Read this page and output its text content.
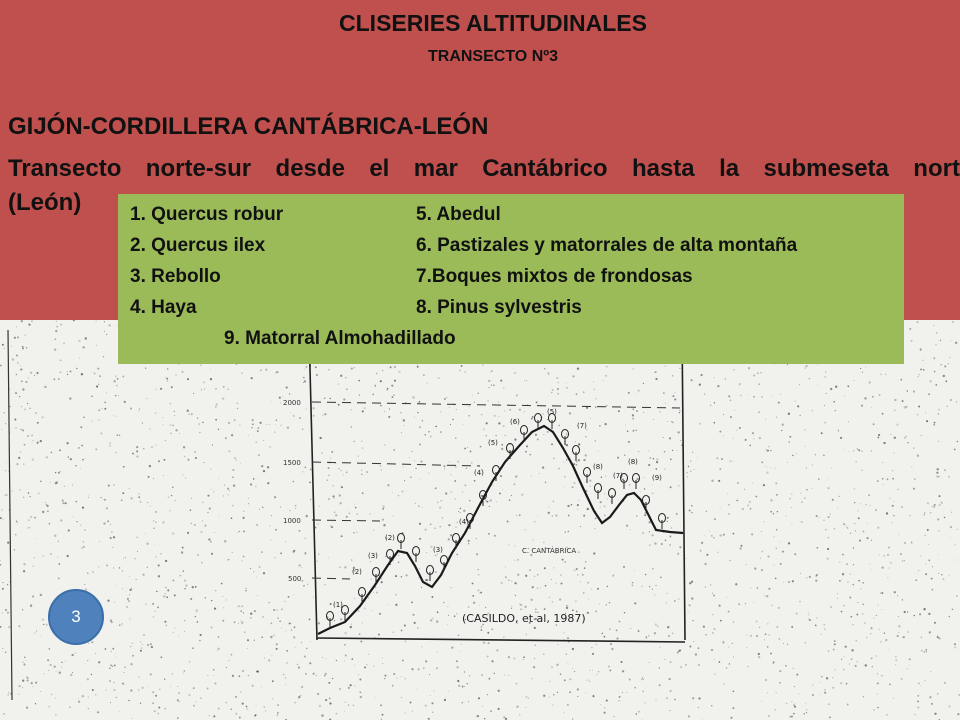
2000
1500
1000
500
C. CANTÁBRICA
(CASILDO, et al, 1987)
(1)
(2)
(3)
(2)
(3)
(4)
(4)
(5)
(6)
(5)
(7)
(8)
(7)
(8)
(9)
CLISERIES ALTITUDINALES
TRANSECTO Nº3
GIJÓN-CORDILLERA CANTÁBRICA-LEÓN
Transecto norte-sur desde el mar Cantábrico hasta la submeseta nort
(León)	1. Quercus robur
2. Quercus ilex
3. Rebollo
4. Haya
5. Abedul
6. Pastizales y matorrales de alta montaña
7.Boques mixtos de frondosas
8. Pinus sylvestris
9. Matorral Almohadillado
3
